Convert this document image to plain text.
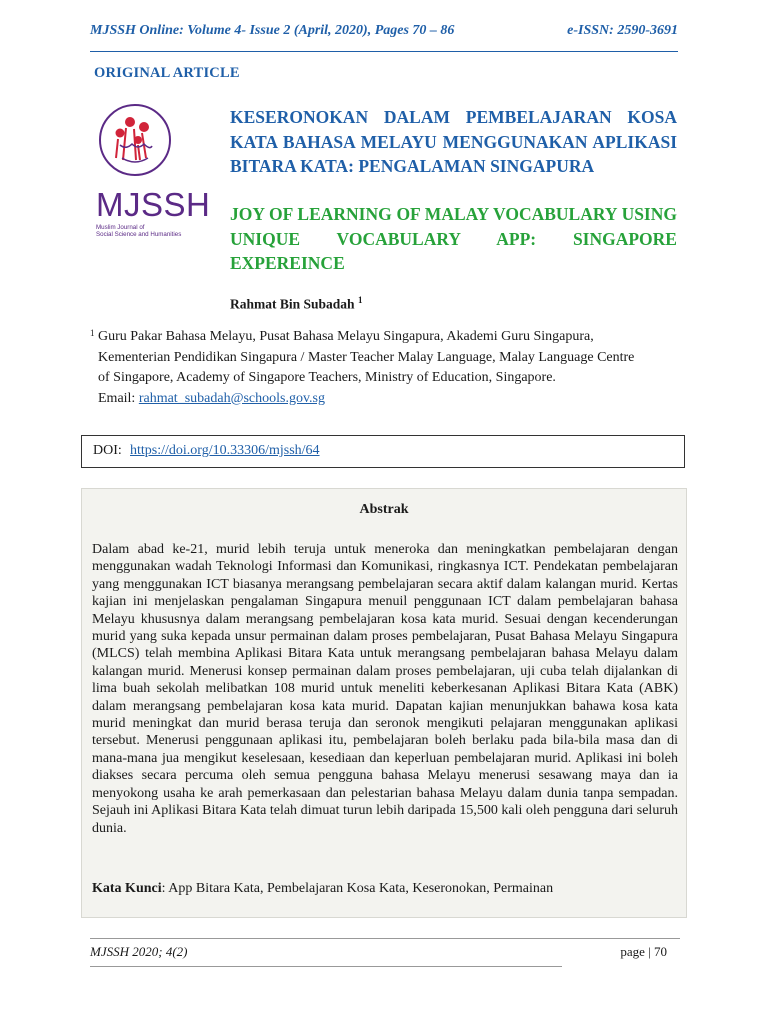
MJSSH Online: Volume 4- Issue 2 (April, 2020), Pages 70 – 86	e-ISSN: 2590-3691
ORIGINAL ARTICLE
MJSSH
Muslim Journal of
Social Science and Humanities
KESERONOKAN DALAM PEMBELAJARAN KOSA KATA BAHASA MELAYU MENGGUNAKAN APLIKASI BITARA KATA: PENGALAMAN SINGAPURA
JOY OF LEARNING OF MALAY VOCABULARY USING UNIQUE VOCABULARY APP: SINGAPORE EXPEREINCE
Rahmat Bin Subadah $^1$
1 Guru Pakar Bahasa Melayu, Pusat Bahasa Melayu Singapura, Akademi Guru Singapura,
Kementerian Pendidikan Singapura / Master Teacher Malay Language, Malay Language Centre
of Singapore, Academy of Singapore Teachers, Ministry of Education, Singapore.
Email: rahmat_subadah@schools.gov.sg
DOI: https://doi.org/10.33306/mjssh/64
Abstrak
Dalam abad ke-21, murid lebih teruja untuk meneroka dan meningkatkan pembelajaran dengan menggunakan wadah Teknologi Informasi dan Komunikasi, ringkasnya ICT. Pendekatan pembelajaran yang menggunakan ICT biasanya merangsang pembelajaran secara aktif dalam kalangan murid. Kertas kajian ini menjelaskan pengalaman Singapura menuil penggunaan ICT dalam pembelajaran bahasa Melayu khususnya dalam merangsang pembelajaran kosa kata murid. Sesuai dengan kecenderungan murid yang suka kepada unsur permainan dalam proses pembelajaran, Pusat Bahasa Melayu Singapura (MLCS) telah membina Aplikasi Bitara Kata untuk merangsang pembelajaran bahasa Melayu dalam kalangan murid. Menerusi konsep permainan dalam proses pembelajaran, uji cuba telah dijalankan di lima buah sekolah melibatkan 108 murid untuk meneliti keberkesanan Aplikasi Bitara Kata (ABK) dalam merangsang pembelajaran kosa kata murid. Dapatan kajian menunjukkan bahawa kosa kata murid meningkat dan murid berasa teruja dan seronok mengikuti pelajaran menggunakan aplikasi tersebut. Menerusi penggunaan aplikasi itu, pembelajaran boleh berlaku pada bila-bila masa dan di mana-mana jua mengikut keselesaan, kesediaan dan keperluan pembelajaran murid. Aplikasi ini boleh diakses secara percuma oleh semua pengguna bahasa Melayu menerusi sesawang maya dan ia menyokong usaha ke arah pemerkasaan dan pelestarian bahasa Melayu dalam dunia tanpa sempadan. Sejauh ini Aplikasi Bitara Kata telah dimuat turun lebih daripada 15,500 kali oleh pengguna dari seluruh dunia.
Kata Kunci: App Bitara Kata, Pembelajaran Kosa Kata, Keseronokan, Permainan
MJSSH 2020; 4(2)	page | 70
